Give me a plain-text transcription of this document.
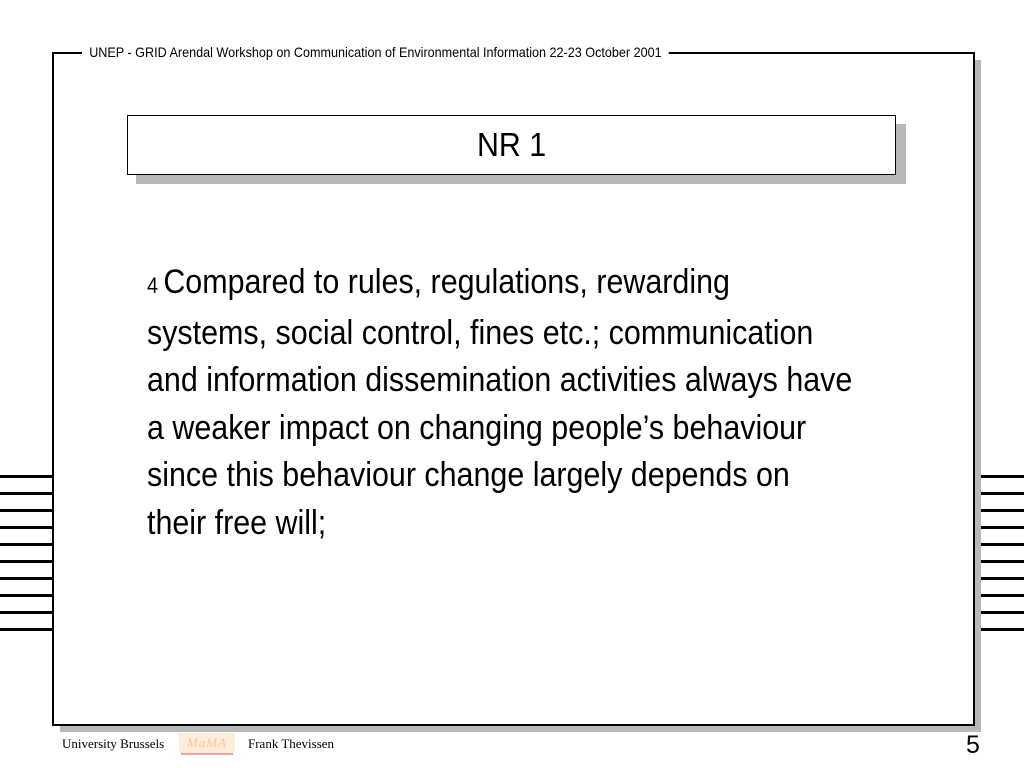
UNEP - GRID Arendal Workshop on Communication of Environmental Information 22-23 October 2001
NR 1
4 Compared to rules, regulations, rewarding
systems, social control, fines etc.; communication
and information dissemination activities always have
a weaker impact on changing people’s behaviour
since this behaviour change largely depends on
their free will;
University Brussels MaMA Frank Thevissen	5
